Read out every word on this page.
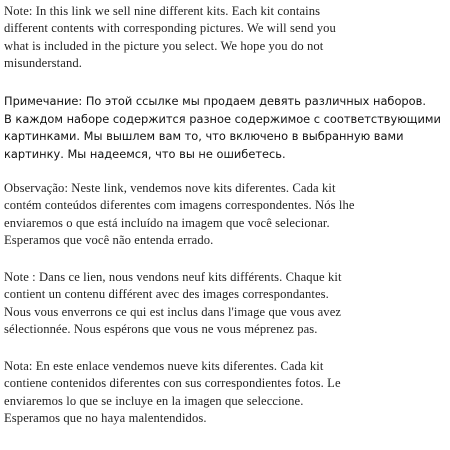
Note: In this link we sell nine different kits. Each kit contains
different contents with corresponding pictures. We will send you
what is included in the picture you select. We hope you do not
misunderstand.

Примечание: По этой ссылке мы продаем девять различных наборов.
В каждом наборе содержится разное содержимое с соответствующими
картинками. Мы вышлем вам то, что включено в выбранную вами
картинку. Мы надеемся, что вы не ошибетесь.

Observação: Neste link, vendemos nove kits diferentes. Cada kit
contém conteúdos diferentes com imagens correspondentes. Nós lhe
enviaremos o que está incluído na imagem que você selecionar.
Esperamos que você não entenda errado.

Note : Dans ce lien, nous vendons neuf kits différents. Chaque kit
contient un contenu différent avec des images correspondantes.
Nous vous enverrons ce qui est inclus dans l'image que vous avez
sélectionnée. Nous espérons que vous ne vous méprenez pas.

Nota: En este enlace vendemos nueve kits diferentes. Cada kit
contiene contenidos diferentes con sus correspondientes fotos. Le
enviaremos lo que se incluye en la imagen que seleccione.
Esperamos que no haya malentendidos.
